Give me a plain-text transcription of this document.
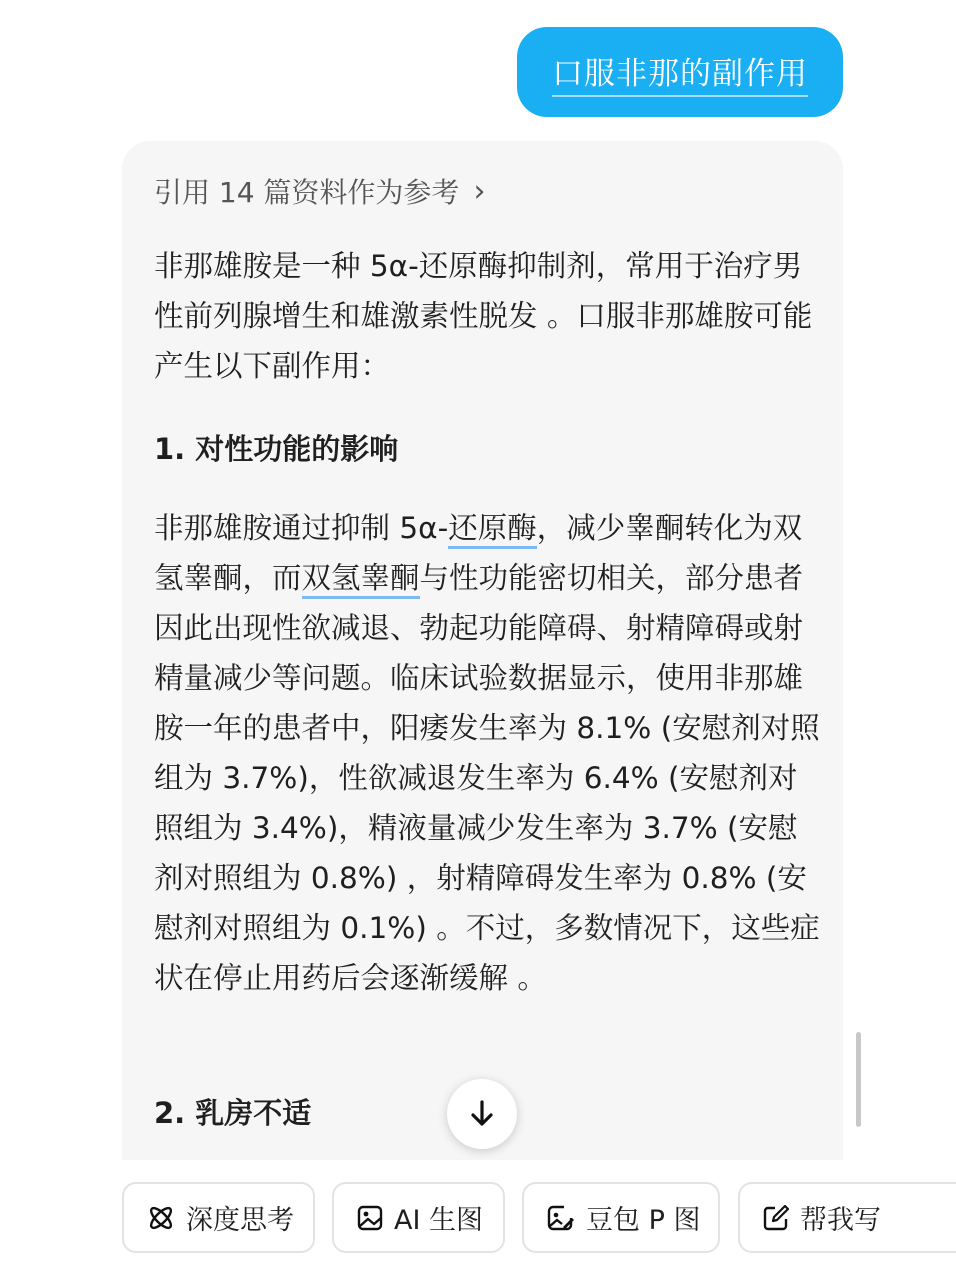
口服非那的副作用
引用 14 篇资料作为参考 ›
非那雄胺是一种 5α-还原酶抑制剂，常用于治疗男性前列腺增生和雄激素性脱发 。口服非那雄胺可能产生以下副作用：
1. 对性功能的影响
非那雄胺通过抑制 5α-还原酶，减少睾酮转化为双氢睾酮，而双氢睾酮与性功能密切相关，部分患者因此出现性欲减退、勃起功能障碍、射精障碍或射精量减少等问题。临床试验数据显示，使用非那雄胺一年的患者中，阳痿发生率为 8.1% (安慰剂对照组为 3.7%)，性欲减退发生率为 6.4% (安慰剂对照组为 3.4%)，精液量减少发生率为 3.7% (安慰剂对照组为 0.8%) ，射精障碍发生率为 0.8% (安慰剂对照组为 0.1%) 。不过，多数情况下，这些症状在停止用药后会逐渐缓解 。
2. 乳房不适
深度思考	AI 生图	豆包 P 图	帮我写
